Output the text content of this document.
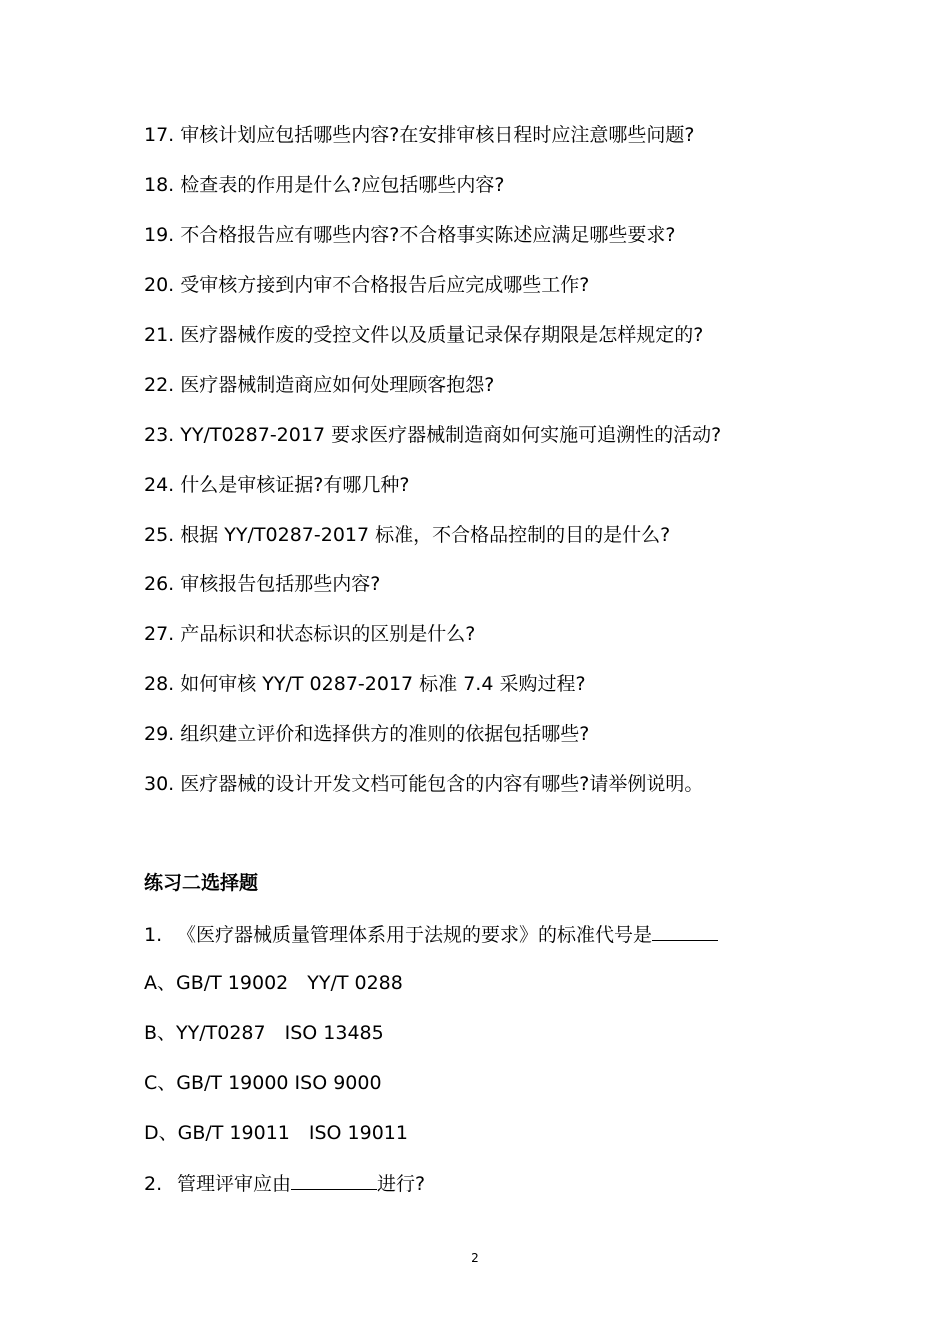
17. 审核计划应包括哪些内容?在安排审核日程时应注意哪些问题?
18. 检查表的作用是什么?应包括哪些内容?
19. 不合格报告应有哪些内容?不合格事实陈述应满足哪些要求?
20. 受审核方接到内审不合格报告后应完成哪些工作?
21. 医疗器械作废的受控文件以及质量记录保存期限是怎样规定的?
22. 医疗器械制造商应如何处理顾客抱怨?
23. YY/T0287-2017 要求医疗器械制造商如何实施可追溯性的活动?
24. 什么是审核证据?有哪几种?
25. 根据 YY/T0287-2017 标准，不合格品控制的目的是什么?
26. 审核报告包括那些内容?
27. 产品标识和状态标识的区别是什么?
28. 如何审核 YY/T 0287-2017 标准 7.4 采购过程?
29. 组织建立评价和选择供方的准则的依据包括哪些?
30. 医疗器械的设计开发文档可能包含的内容有哪些?请举例说明。
练习二选择题
1. 《医疗器械质量管理体系用于法规的要求》的标准代号是
A、GB/T 19002　YY/T 0288
B、YY/T0287　ISO 13485
C、GB/T 19000 ISO 9000
D、GB/T 19011　ISO 19011
2. 管理评审应由	进行?
2
